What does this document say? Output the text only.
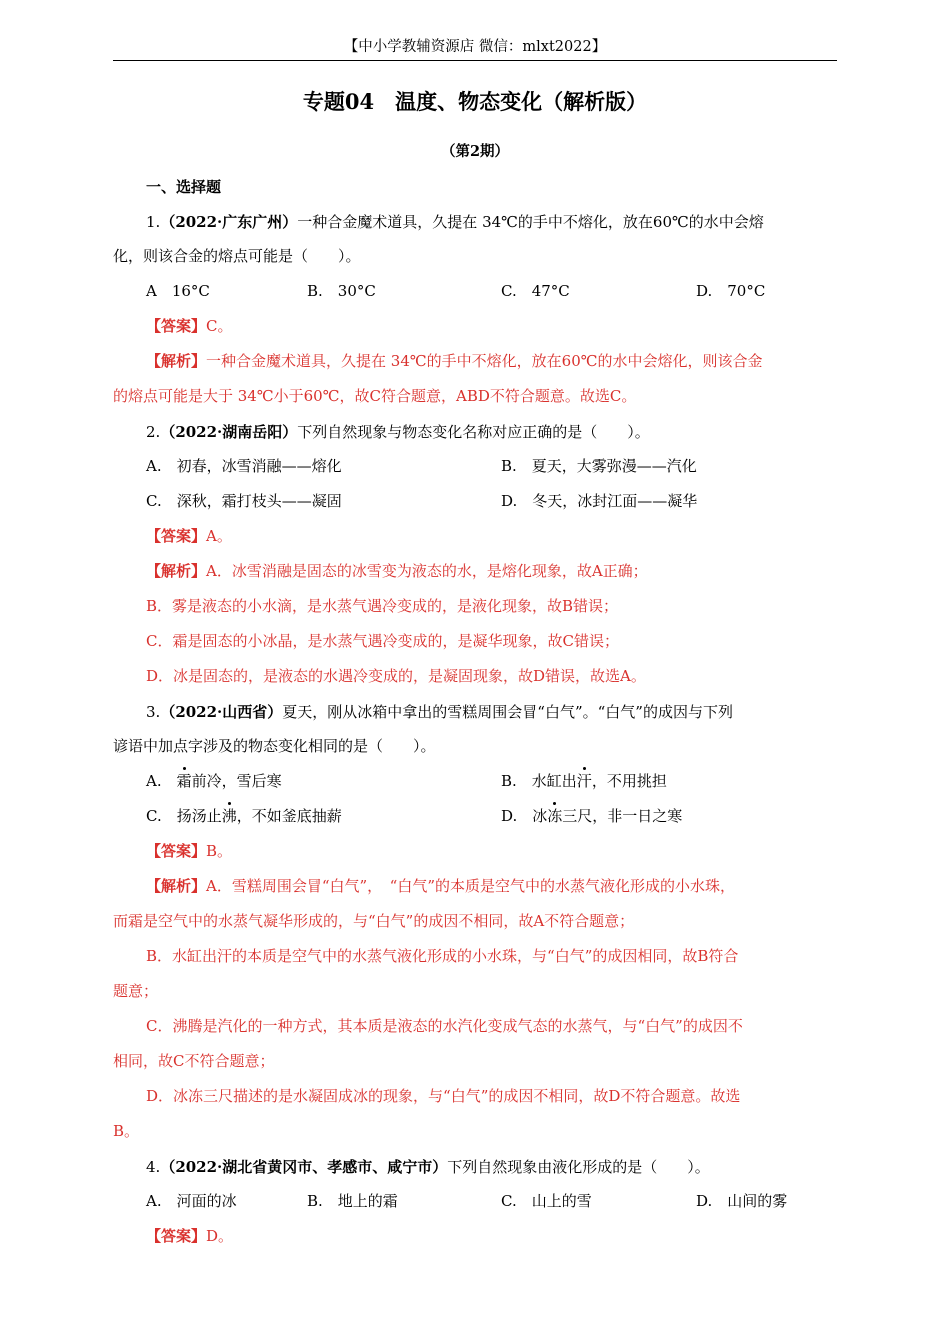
【中小学教辅资源店 微信：mlxt2022】
专题04　温度、物态变化（解析版）
（第2期）
一、选择题
1.（2022·广东广州）一种合金魔术道具，久提在 34℃的手中不熔化，放在60℃的水中会熔
化，则该合金的熔点可能是（　　）。
A　16°C	B.　30°C	C.　47°C	D.　70°C
【答案】C。
【解析】一种合金魔术道具，久提在 34℃的手中不熔化，放在60℃的水中会熔化，则该合金
的熔点可能是大于 34℃小于60℃，故C符合题意，ABD不符合题意。故选C。
2.（2022·湖南岳阳）下列自然现象与物态变化名称对应正确的是（　　）。
A.　初春，冰雪消融——熔化	B.　夏天，大雾弥漫——汽化
C.　深秋，霜打枝头——凝固	D.　冬天，冰封江面——凝华
【答案】A。
【解析】A．冰雪消融是固态的冰雪变为液态的水，是熔化现象，故A正确；
B．雾是液态的小水滴，是水蒸气遇冷变成的，是液化现象，故B错误；
C．霜是固态的小冰晶，是水蒸气遇冷变成的，是凝华现象，故C错误；
D．冰是固态的，是液态的水遇冷变成的，是凝固现象，故D错误，故选A。
3.（2022·山西省）夏天，刚从冰箱中拿出的雪糕周围会冒“白气”。“白气”的成因与下列
谚语中加点字涉及的物态变化相同的是（　　）。
A.　霜前冷，雪后寒	B.　水缸出汗，不用挑担
C.　扬汤止沸，不如釜底抽薪	D.　冰冻三尺，非一日之寒
【答案】B。
【解析】A．雪糕周围会冒“白气”，　“白气”的本质是空气中的水蒸气液化形成的小水珠，
而霜是空气中的水蒸气凝华形成的，与“白气”的成因不相同，故A不符合题意；
B．水缸出汗的本质是空气中的水蒸气液化形成的小水珠，与“白气”的成因相同，故B符合
题意；
C．沸腾是汽化的一种方式，其本质是液态的水汽化变成气态的水蒸气，与“白气”的成因不
相同，故C不符合题意；
D．冰冻三尺描述的是水凝固成冰的现象，与“白气”的成因不相同，故D不符合题意。故选
B。
4.（2022·湖北省黄冈市、孝感市、咸宁市）下列自然现象由液化形成的是（　　）。
A.　河面的冰	B.　地上的霜	C.　山上的雪	D.　山间的雾
【答案】D。
